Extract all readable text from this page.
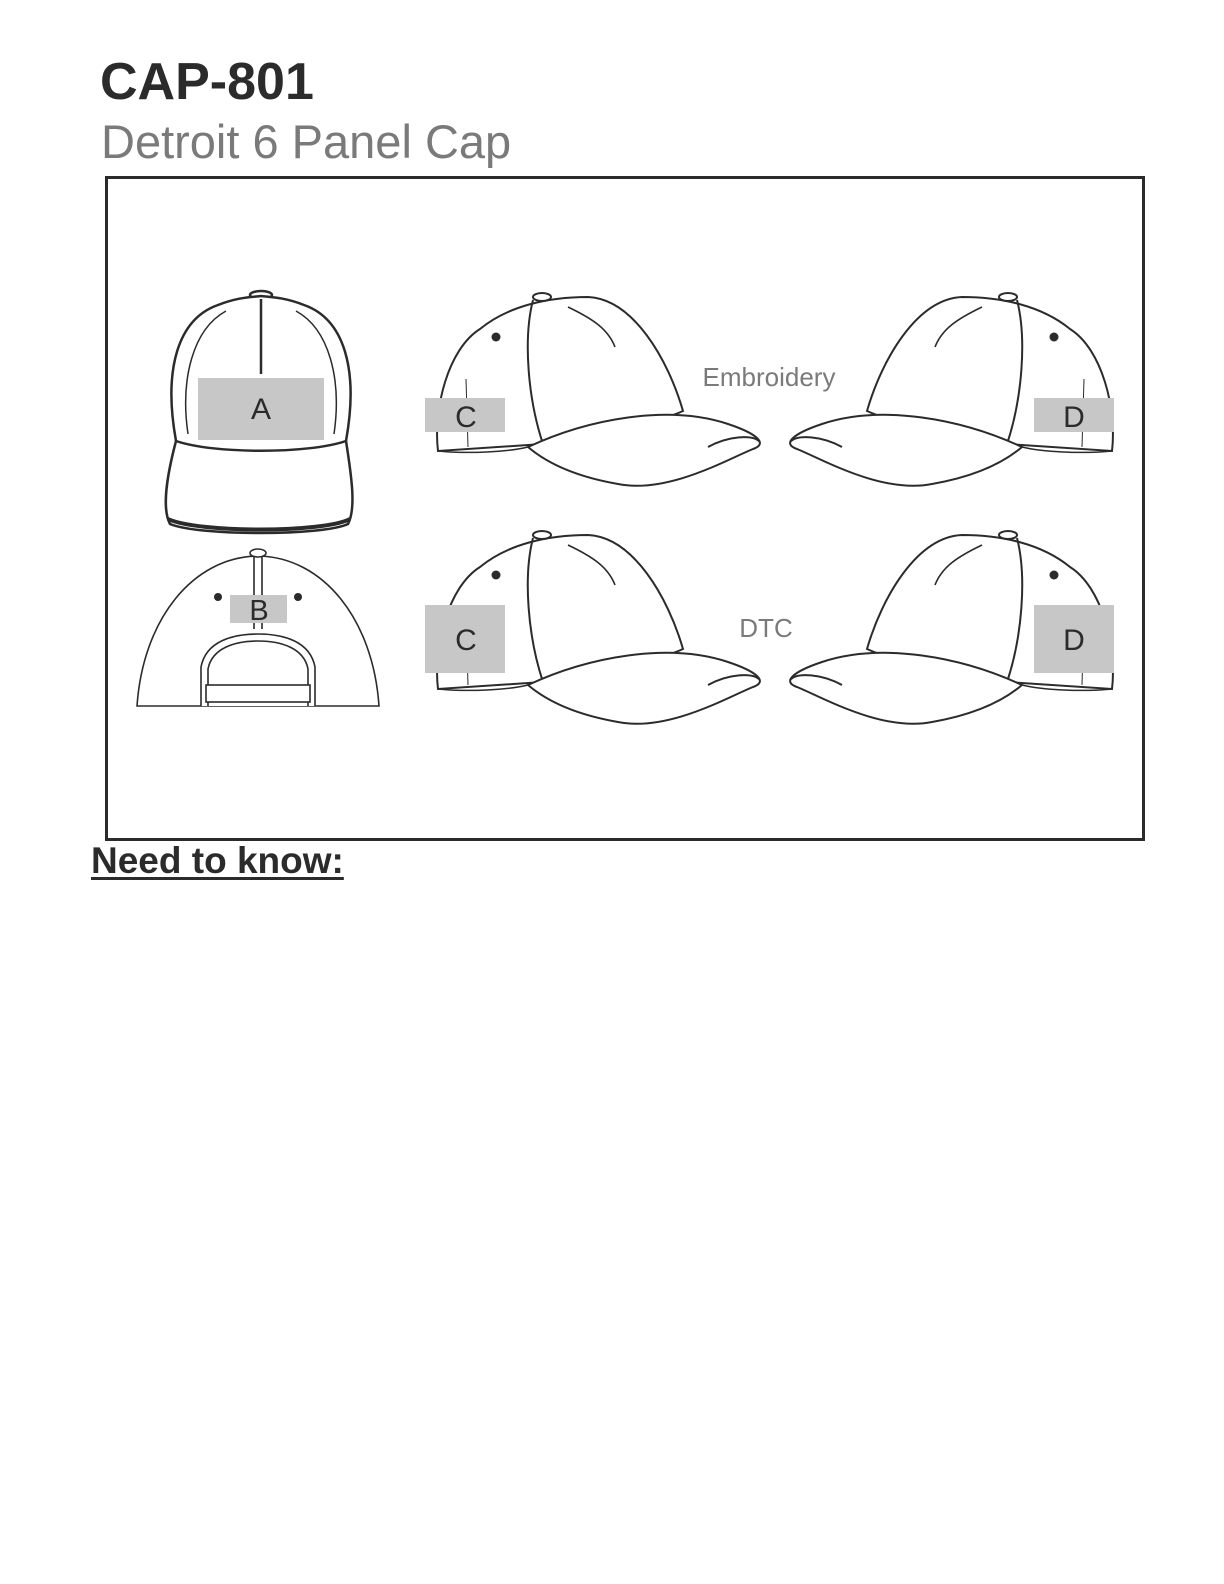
CAP-801
Detroit 6 Panel Cap
A
B
C	D
Embroidery
C	D
DTC
Need to know:
